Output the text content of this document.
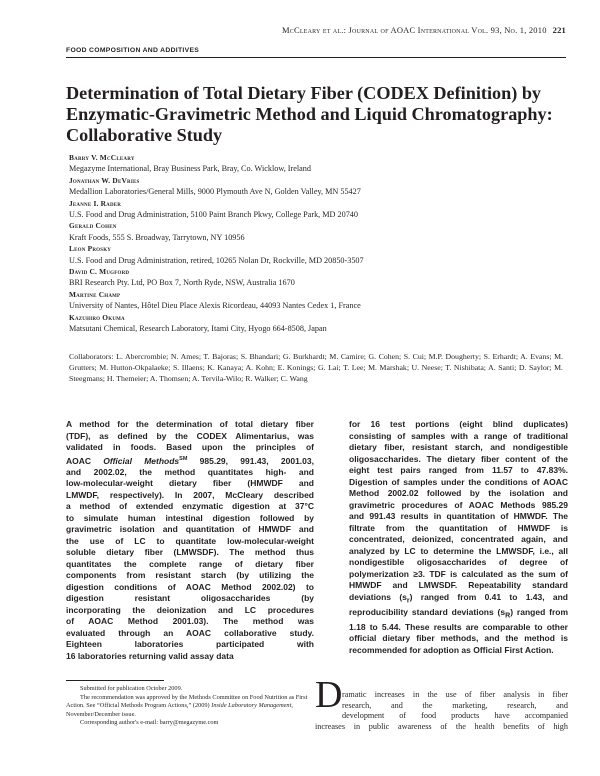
McCleary et al.: Journal of AOAC International Vol. 93, No. 1, 2010 221
FOOD COMPOSITION AND ADDITIVES
Determination of Total Dietary Fiber (CODEX Definition) by Enzymatic-Gravimetric Method and Liquid Chromatography: Collaborative Study
Barry V. McCleary
Megazyme International, Bray Business Park, Bray, Co. Wicklow, Ireland
Jonathan W. DeVries
Medallion Laboratories/General Mills, 9000 Plymouth Ave N, Golden Valley, MN 55427
Jeanne I. Rader
U.S. Food and Drug Administration, 5100 Paint Branch Pkwy, College Park, MD 20740
Gerald Cohen
Kraft Foods, 555 S. Broadway, Tarrytown, NY 10956
Leon Prosky
U.S. Food and Drug Administration, retired, 10265 Nolan Dr, Rockville, MD 20850-3507
David C. Mugford
BRI Research Pty. Ltd, PO Box 7, North Ryde, NSW, Australia 1670
Martine Champ
University of Nantes, Hôtel Dieu Place Alexis Ricordeau, 44093 Nantes Cedex 1, France
Kazuhiro Okuma
Matsutani Chemical, Research Laboratory, Itami City, Hyogo 664-8508, Japan
Collaborators: L. Abercrombie; N. Ames; T. Bajoras; S. Bhandari; G. Burkhardt; M. Camire; G. Cohen; S. Cui; M.P. Dougherty; S. Erhardt; A. Evans; M. Grutters; M. Hutton-Okpalaeke; S. Illaens; K. Kanaya; A. Kohn; E. Konings; G. Lai; T. Lee; M. Marshak; U. Neese; T. Nishibata; A. Santi; D. Saylor; M. Steegmans; H. Themeier; A. Thomsen; A. Tervila-Wilo; R. Walker; C. Wang
A method for the determination of total dietary fiber
(TDF), as defined by the CODEX Alimentarius, was
validated in foods. Based upon the principles of
AOAC Official Methods℠ 985.29, 991.43, 2001.03,
and 2002.02, the method quantitates high- and
low-molecular-weight dietary fiber (HMWDF and
LMWDF, respectively). In 2007, McCleary described
a method of extended enzymatic digestion at 37°C
to simulate human intestinal digestion followed by
gravimetric isolation and quantitation of HMWDF and
the use of LC to quantitate low-molecular-weight
soluble dietary fiber (LMWSDF). The method thus
quantitates the complete range of dietary fiber
components from resistant starch (by utilizing the
digestion conditions of AOAC Method 2002.02) to
digestion resistant oligosaccharides (by
incorporating the deionization and LC procedures
of AOAC Method 2001.03). The method was
evaluated through an AOAC collaborative study.
Eighteen laboratories participated with
16 laboratories returning valid assay data
for 16 test portions (eight blind duplicates)
consisting of samples with a range of traditional
dietary fiber, resistant starch, and nondigestible
oligosaccharides. The dietary fiber content of the
eight test pairs ranged from 11.57 to 47.83%.
Digestion of samples under the conditions of AOAC
Method 2002.02 followed by the isolation and
gravimetric procedures of AOAC Methods 985.29
and 991.43 results in quantitation of HMWDF. The
filtrate from the quantitation of HMWDF is
concentrated, deionized, concentrated again, and
analyzed by LC to determine the LMWSDF, i.e., all
nondigestible oligosaccharides of degree of
polymerization ≥3. TDF is calculated as the sum of
HMWDF and LMWSDF. Repeatability standard
deviations $(s_r)$ ranged from 0.41 to 1.43, and
reproducibility standard deviations $(s_R)$ ranged from
1.18 to 5.44. These results are comparable to other
official dietary fiber methods, and the method is
recommended for adoption as Official First Action.

Submitted for publication October 2009.

The recommendation was approved by the Methods Committee on Food Nutrition as First Action. See “Official Methods Program Actions,” (2009) Inside Laboratory Management, November/December issue.

Corresponding author's e-mail: barry@megazyme.com

D ramatic increases in the use of fiber analysis in fiber
research, and the marketing, research, and
development of food products have accompanied
increases in public awareness of the health benefits of high
